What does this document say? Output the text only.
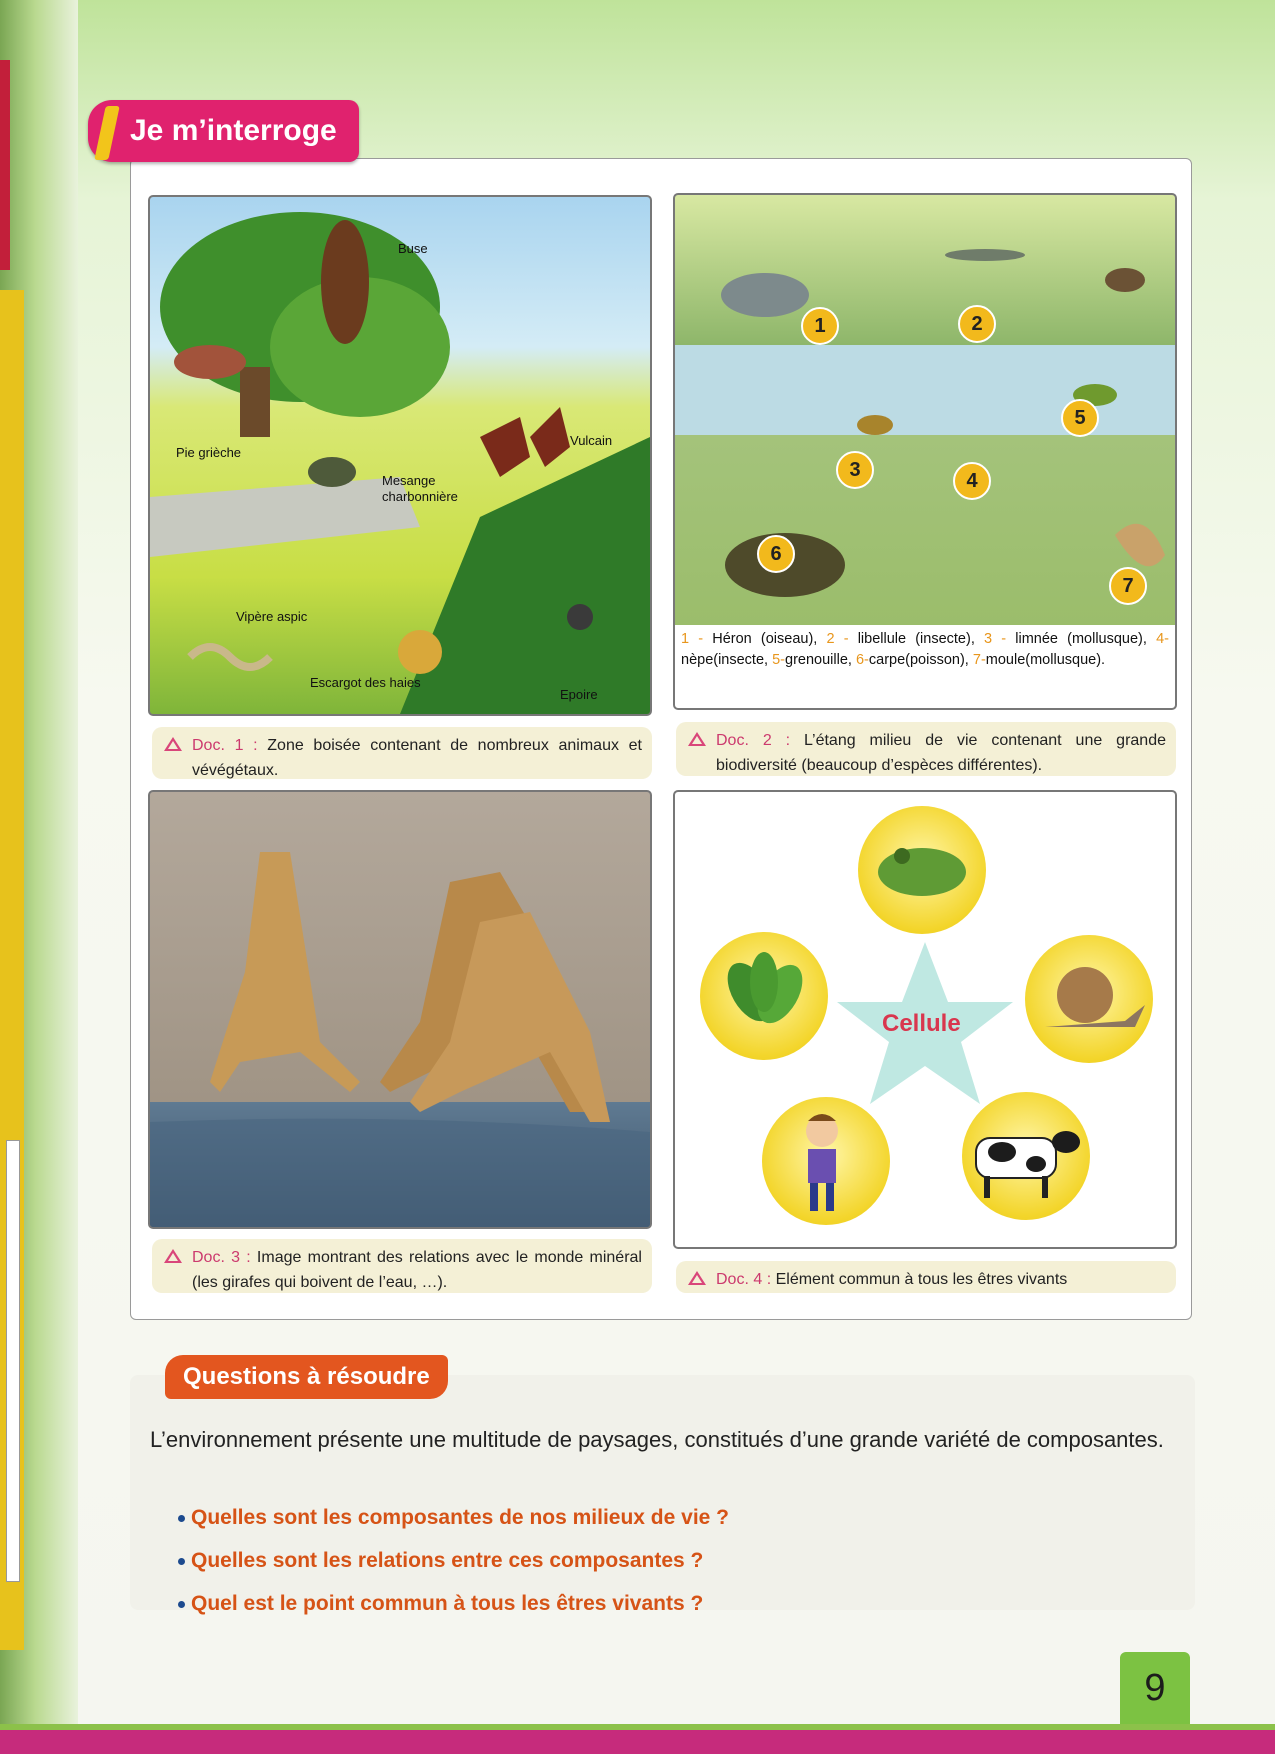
Je m’interroge
Buse
Pie grièche
Mesange
charbonnière
Vulcain
Vipère aspic
Escargot des haies
Epoire
Doc. 1 : Zone boisée contenant de nombreux animaux et vévégétaux.
1	2
3	4
5
6
7
1 - Héron (oiseau), 2 - libellule (insecte), 3 - limnée (mollusque), 4-nèpe(insecte, 5-grenouille, 6-carpe(poisson), 7-moule(mollusque).
Doc. 2 : L’étang milieu de vie contenant une grande biodiversité (beaucoup d’espèces différentes).
Doc. 3 : Image montrant des relations avec le monde minéral (les girafes qui boivent de l’eau, …).
Cellule
Doc. 4 : Elément commun à tous les êtres vivants
Questions à résoudre

L’environnement présente une multitude de paysages, constitués d’une grande variété de composantes.

Quelles sont les composantes de nos milieux de vie ?
Quelles sont les relations entre ces composantes ?
Quel est le point commun à tous les êtres vivants ?
9
